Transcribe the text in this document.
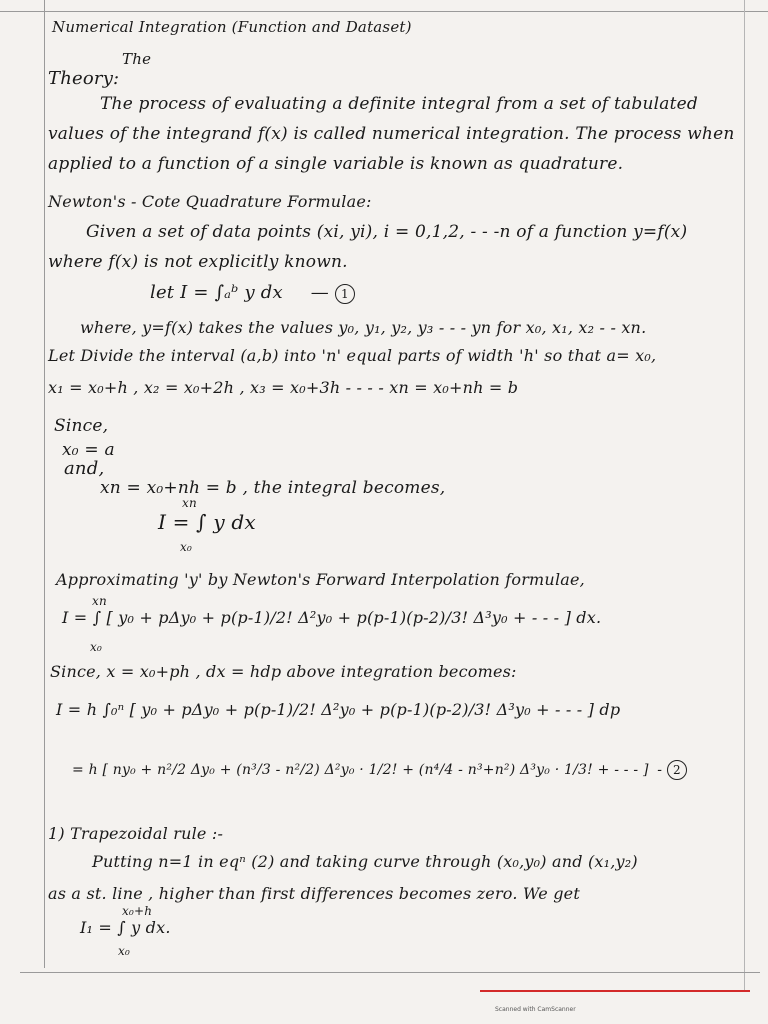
Numerical Integration (Function and Dataset)
The
Theory:
The process of evaluating a definite integral from a set of tabulated
values of the integrand f(x) is called numerical integration. The process when
applied to a function of a single variable is known as quadrature.
Newton's - Cote Quadrature Formulae:
Given a set of data points (xi, yi), i = 0,1,2, - - -n of a function y=f(x)
where f(x) is not explicitly known.
let I = ∫ₐᵇ y dx — 1
where, y=f(x) takes the values y₀, y₁, y₂, y₃ - - - yn for x₀, x₁, x₂ - - xn.
Let Divide the interval (a,b) into 'n' equal parts of width 'h' so that a= x₀,
x₁ = x₀+h , x₂ = x₀+2h , x₃ = x₀+3h - - - - xn = x₀+nh = b
Since,
x₀ = a
and,
xn = x₀+nh = b , the integral becomes,
xn
I = ∫ y dx
x₀
Approximating 'y' by Newton's Forward Interpolation formulae,
xn
I = ∫ [ y₀ + pΔy₀ + p(p-1)/2! Δ²y₀ + p(p-1)(p-2)/3! Δ³y₀ + - - - ] dx.
x₀
Since, x = x₀+ph , dx = hdp above integration becomes:
I = h ∫₀ⁿ [ y₀ + pΔy₀ + p(p-1)/2! Δ²y₀ + p(p-1)(p-2)/3! Δ³y₀ + - - - ] dp
= h [ ny₀ + n²/2 Δy₀ + (n³/3 - n²/2) Δ²y₀ · 1/2! + (n⁴/4 - n³+n²) Δ³y₀ · 1/3! + - - - ] - 2
1) Trapezoidal rule :-
Putting n=1 in eqⁿ (2) and taking curve through (x₀,y₀) and (x₁,y₂)
as a st. line , higher than first differences becomes zero. We get
x₀+h
I₁ = ∫ y dx.
x₀
Scanned with CamScanner
